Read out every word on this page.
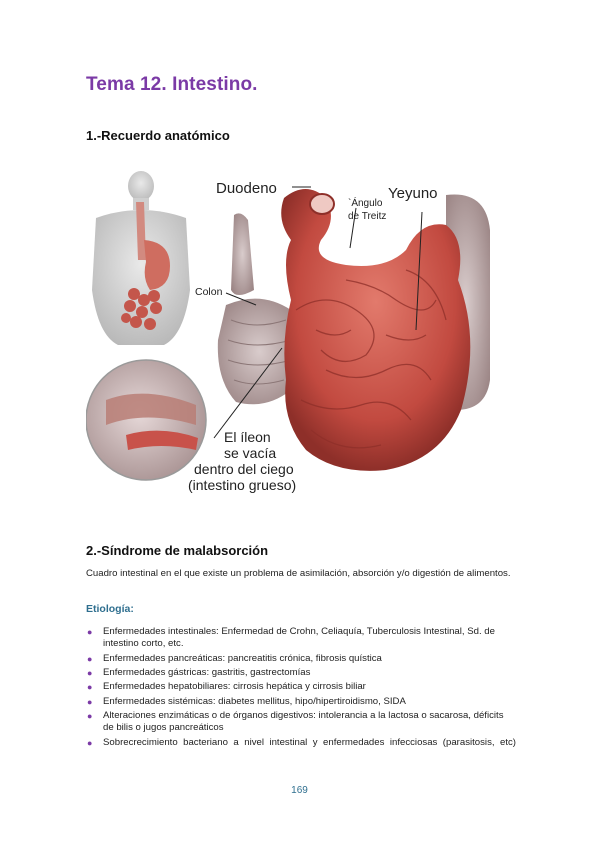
Tema 12. Intestino.
1.-Recuerdo anatómico
Duodeno	Yeyuno
`Ángulo
de Treitz
Colon
El íleon
se vacía
dentro del ciego
(intestino grueso)
2.-Síndrome de malabsorción
Cuadro intestinal en el que existe un problema de asimilación, absorción y/o digestión de alimentos.
Etiología:
● Enfermedades intestinales: Enfermedad de Crohn, Celiaquía, Tuberculosis Intestinal, Sd. de intestino corto, etc.
● Enfermedades pancreáticas: pancreatitis crónica, fibrosis quística
● Enfermedades gástricas: gastritis, gastrectomías
● Enfermedades hepatobiliares: cirrosis hepática y cirrosis biliar
● Enfermedades sistémicas: diabetes mellitus, hipo/hipertiroidismo, SIDA
● Alteraciones enzimáticas o de órganos digestivos: intolerancia a la lactosa o sacarosa, déficits de bilis o jugos pancreáticos
● Sobrecrecimiento bacteriano a nivel intestinal y enfermedades infecciosas (parasitosis, etc)
169
